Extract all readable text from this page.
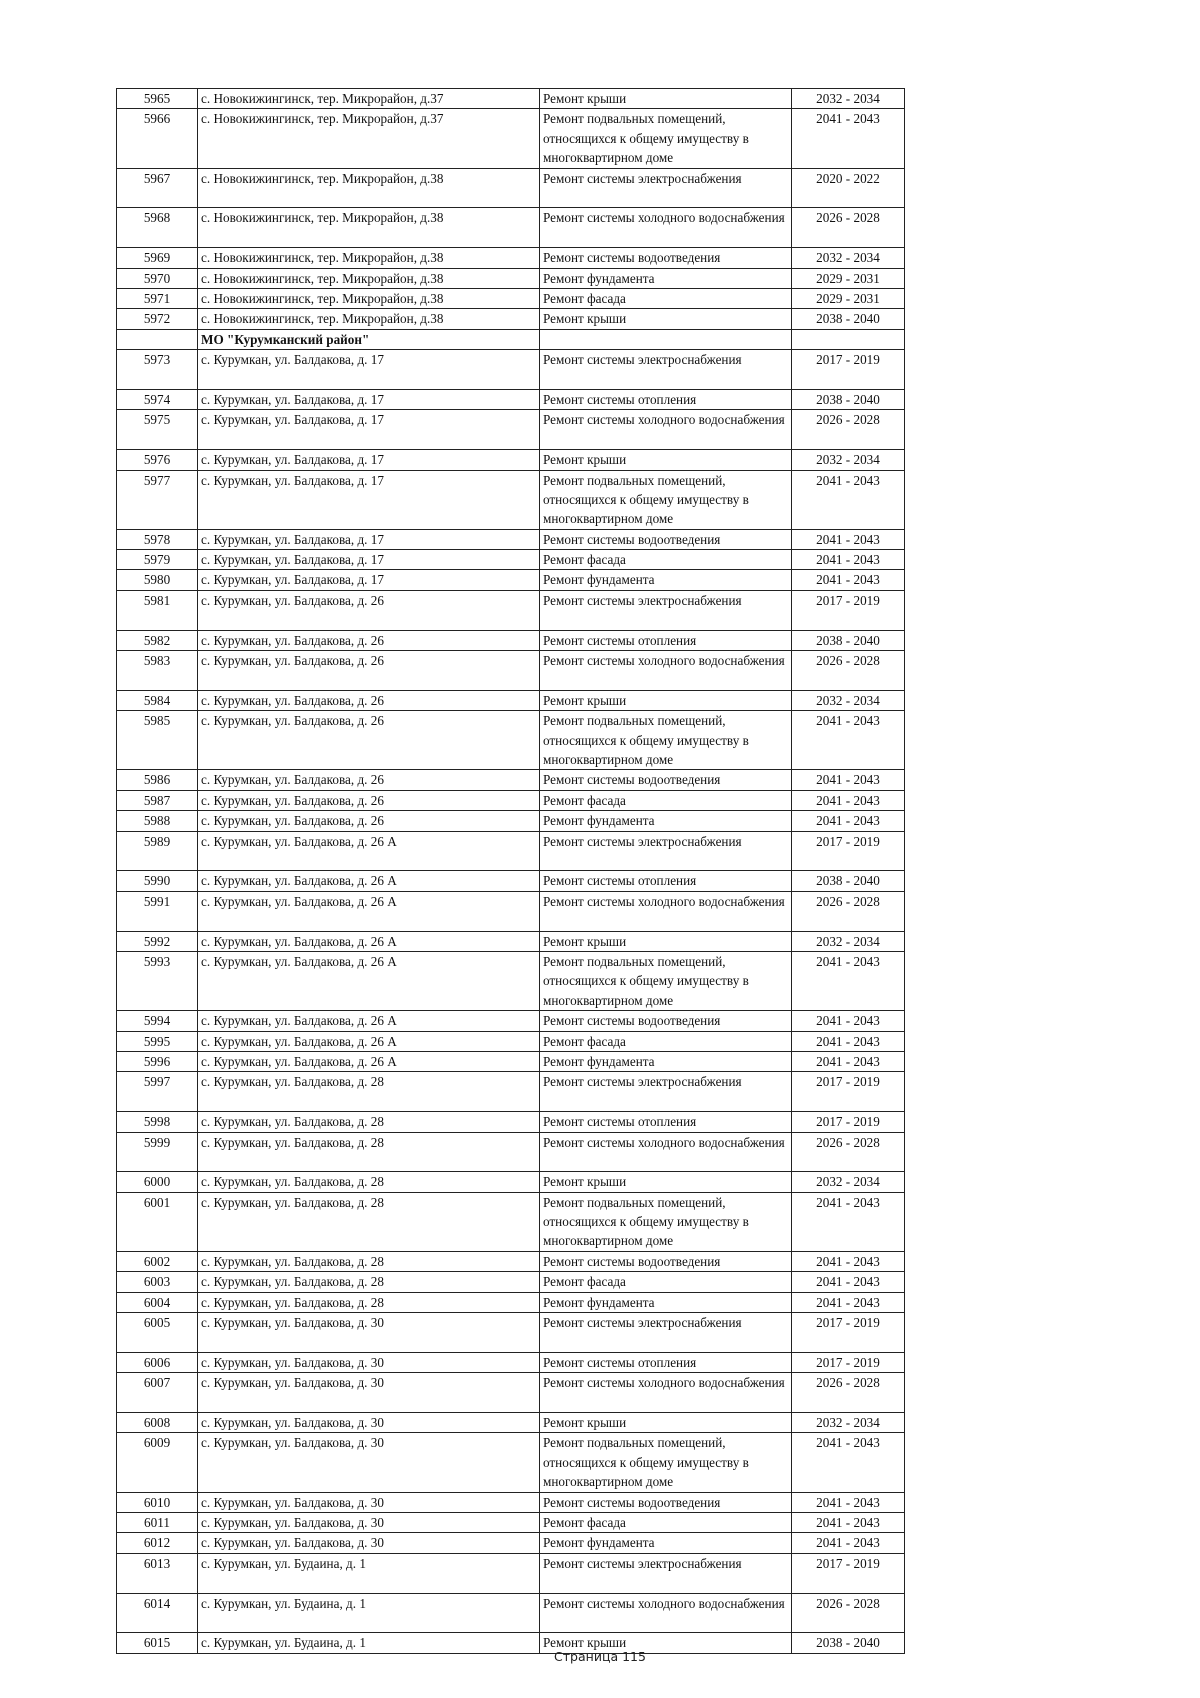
5965	с. Новокижингинск, тер. Микрорайон, д.37	Ремонт крыши	2032 - 2034
5966	с. Новокижингинск, тер. Микрорайон, д.37	Ремонт подвальных помещений, относящихся к общему имуществу в многоквартирном доме	2041 - 2043
5967	с. Новокижингинск, тер. Микрорайон, д.38	Ремонт системы электроснабжения	2020 - 2022
5968	с. Новокижингинск, тер. Микрорайон, д.38	Ремонт системы холодного водоснабжения	2026 - 2028
5969	с. Новокижингинск, тер. Микрорайон, д.38	Ремонт системы водоотведения	2032 - 2034
5970	с. Новокижингинск, тер. Микрорайон, д.38	Ремонт фундамента	2029 - 2031
5971	с. Новокижингинск, тер. Микрорайон, д.38	Ремонт фасада	2029 - 2031
5972	с. Новокижингинск, тер. Микрорайон, д.38	Ремонт крыши	2038 - 2040
	МО "Курумканский район"		
5973	с. Курумкан, ул. Балдакова, д. 17	Ремонт системы электроснабжения	2017 - 2019
5974	с. Курумкан, ул. Балдакова, д. 17	Ремонт системы отопления	2038 - 2040
5975	с. Курумкан, ул. Балдакова, д. 17	Ремонт системы холодного водоснабжения	2026 - 2028
5976	с. Курумкан, ул. Балдакова, д. 17	Ремонт крыши	2032 - 2034
5977	с. Курумкан, ул. Балдакова, д. 17	Ремонт подвальных помещений, относящихся к общему имуществу в многоквартирном доме	2041 - 2043
5978	с. Курумкан, ул. Балдакова, д. 17	Ремонт системы водоотведения	2041 - 2043
5979	с. Курумкан, ул. Балдакова, д. 17	Ремонт фасада	2041 - 2043
5980	с. Курумкан, ул. Балдакова, д. 17	Ремонт фундамента	2041 - 2043
5981	с. Курумкан, ул. Балдакова, д. 26	Ремонт системы электроснабжения	2017 - 2019
5982	с. Курумкан, ул. Балдакова, д. 26	Ремонт системы отопления	2038 - 2040
5983	с. Курумкан, ул. Балдакова, д. 26	Ремонт системы холодного водоснабжения	2026 - 2028
5984	с. Курумкан, ул. Балдакова, д. 26	Ремонт крыши	2032 - 2034
5985	с. Курумкан, ул. Балдакова, д. 26	Ремонт подвальных помещений, относящихся к общему имуществу в многоквартирном доме	2041 - 2043
5986	с. Курумкан, ул. Балдакова, д. 26	Ремонт системы водоотведения	2041 - 2043
5987	с. Курумкан, ул. Балдакова, д. 26	Ремонт фасада	2041 - 2043
5988	с. Курумкан, ул. Балдакова, д. 26	Ремонт фундамента	2041 - 2043
5989	с. Курумкан, ул. Балдакова, д. 26 А	Ремонт системы электроснабжения	2017 - 2019
5990	с. Курумкан, ул. Балдакова, д. 26 А	Ремонт системы отопления	2038 - 2040
5991	с. Курумкан, ул. Балдакова, д. 26 А	Ремонт системы холодного водоснабжения	2026 - 2028
5992	с. Курумкан, ул. Балдакова, д. 26 А	Ремонт крыши	2032 - 2034
5993	с. Курумкан, ул. Балдакова, д. 26 А	Ремонт подвальных помещений, относящихся к общему имуществу в многоквартирном доме	2041 - 2043
5994	с. Курумкан, ул. Балдакова, д. 26 А	Ремонт системы водоотведения	2041 - 2043
5995	с. Курумкан, ул. Балдакова, д. 26 А	Ремонт фасада	2041 - 2043
5996	с. Курумкан, ул. Балдакова, д. 26 А	Ремонт фундамента	2041 - 2043
5997	с. Курумкан, ул. Балдакова, д. 28	Ремонт системы электроснабжения	2017 - 2019
5998	с. Курумкан, ул. Балдакова, д. 28	Ремонт системы отопления	2017 - 2019
5999	с. Курумкан, ул. Балдакова, д. 28	Ремонт системы холодного водоснабжения	2026 - 2028
6000	с. Курумкан, ул. Балдакова, д. 28	Ремонт крыши	2032 - 2034
6001	с. Курумкан, ул. Балдакова, д. 28	Ремонт подвальных помещений, относящихся к общему имуществу в многоквартирном доме	2041 - 2043
6002	с. Курумкан, ул. Балдакова, д. 28	Ремонт системы водоотведения	2041 - 2043
6003	с. Курумкан, ул. Балдакова, д. 28	Ремонт фасада	2041 - 2043
6004	с. Курумкан, ул. Балдакова, д. 28	Ремонт фундамента	2041 - 2043
6005	с. Курумкан, ул. Балдакова, д. 30	Ремонт системы электроснабжения	2017 - 2019
6006	с. Курумкан, ул. Балдакова, д. 30	Ремонт системы отопления	2017 - 2019
6007	с. Курумкан, ул. Балдакова, д. 30	Ремонт системы холодного водоснабжения	2026 - 2028
6008	с. Курумкан, ул. Балдакова, д. 30	Ремонт крыши	2032 - 2034
6009	с. Курумкан, ул. Балдакова, д. 30	Ремонт подвальных помещений, относящихся к общему имуществу в многоквартирном доме	2041 - 2043
6010	с. Курумкан, ул. Балдакова, д. 30	Ремонт системы водоотведения	2041 - 2043
6011	с. Курумкан, ул. Балдакова, д. 30	Ремонт фасада	2041 - 2043
6012	с. Курумкан, ул. Балдакова, д. 30	Ремонт фундамента	2041 - 2043
6013	с. Курумкан, ул. Будаина, д. 1	Ремонт системы электроснабжения	2017 - 2019
6014	с. Курумкан, ул. Будаина, д. 1	Ремонт системы холодного водоснабжения	2026 - 2028
6015	с. Курумкан, ул. Будаина, д. 1	Ремонт крыши	2038 - 2040
Страница 115
